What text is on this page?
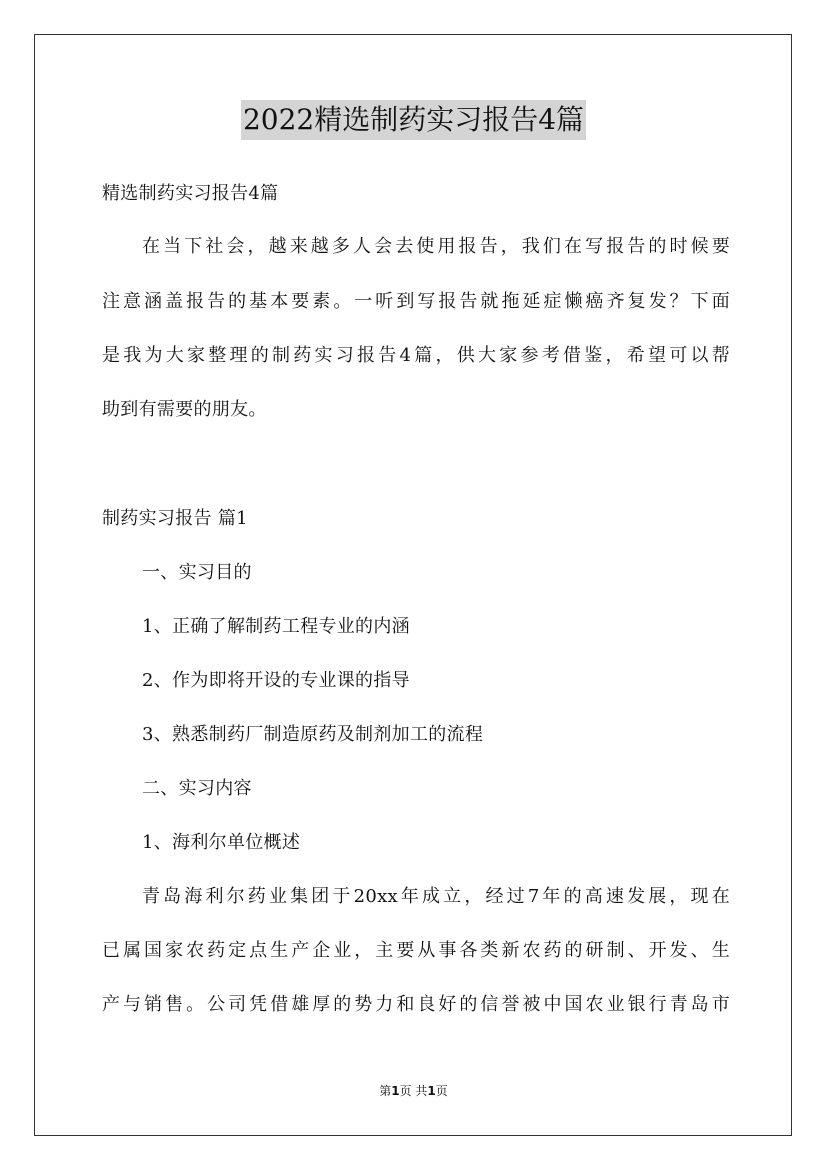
2022精选制药实习报告4篇
精选制药实习报告4篇
在当下社会，越来越多人会去使用报告，我们在写报告的时候要
注意涵盖报告的基本要素。一听到写报告就拖延症懒癌齐复发？下面
是我为大家整理的制药实习报告4篇，供大家参考借鉴，希望可以帮
助到有需要的朋友。
制药实习报告 篇1
一、实习目的
1、正确了解制药工程专业的内涵
2、作为即将开设的专业课的指导
3、熟悉制药厂制造原药及制剂加工的流程
二、实习内容
1、海利尔单位概述
青岛海利尔药业集团于20xx年成立，经过7年的高速发展，现在
已属国家农药定点生产企业，主要从事各类新农药的研制、开发、生
产与销售。公司凭借雄厚的势力和良好的信誉被中国农业银行青岛市
第1页 共1页
